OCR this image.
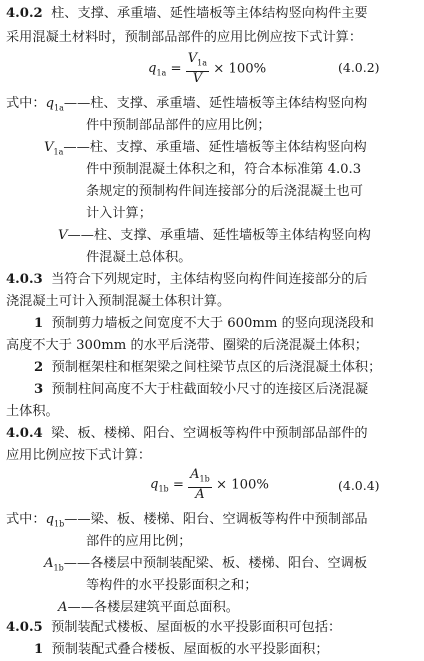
4.0.2 柱、支撑、承重墙、延性墙板等主体结构竖向构件主要
采用混凝土材料时，预制部品部件的应用比例应按下式计算：
$q_{1a} = \frac{V_{1a}}{V} \times 100\%$	(4.0.2)
式中：$q_{1a}——$柱、支撑、承重墙、延性墙板等主体结构竖向构
件中预制部品部件的应用比例；
$V_{1a}——$柱、支撑、承重墙、延性墙板等主体结构竖向构
件中预制混凝土体积之和，符合本标准第 4.0.3
条规定的预制构件间连接部分的后浇混凝土也可
计入计算；
V——柱、支撑、承重墙、延性墙板等主体结构竖向构
件混凝土总体积。
4.0.3 当符合下列规定时，主体结构竖向构件间连接部分的后
浇混凝土可计入预制混凝土体积计算。
1 预制剪力墙板之间宽度不大于 600mm 的竖向现浇段和
高度不大于 300mm 的水平后浇带、圈梁的后浇混凝土体积；
2 预制框架柱和框架梁之间柱梁节点区的后浇混凝土体积；
3 预制柱间高度不大于柱截面较小尺寸的连接区后浇混凝
土体积。
4.0.4 梁、板、楼梯、阳台、空调板等构件中预制部品部件的
应用比例应按下式计算：
$q_{1b} = \frac{A_{1b}}{A} \times 100\%$	(4.0.4)
式中：$q_{1b}——$梁、板、楼梯、阳台、空调板等构件中预制部品
部件的应用比例；
$A_{1b}——$各楼层中预制装配梁、板、楼梯、阳台、空调板
等构件的水平投影面积之和；
A——各楼层建筑平面总面积。
4.0.5 预制装配式楼板、屋面板的水平投影面积可包括：
1 预制装配式叠合楼板、屋面板的水平投影面积；
